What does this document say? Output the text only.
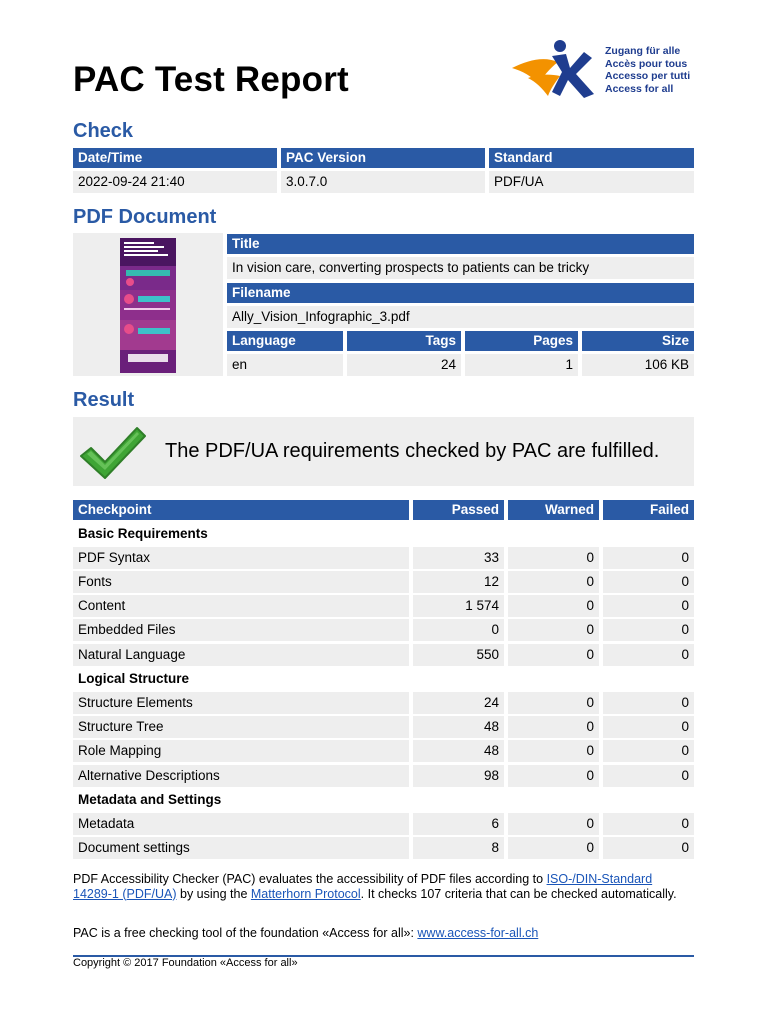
PAC Test Report
Zugang für alle
Accès pour tous
Accesso per tutti
Access for all
Check
Date/Time	PAC Version	Standard
2022-09-24 21:40	3.0.7.0	PDF/UA
PDF Document
Title
In vision care, converting prospects to patients can be tricky
Filename
Ally_Vision_Infographic_3.pdf
Language	Tags	Pages	Size
en	24	1	106 KB
Result
The PDF/UA requirements checked by PAC are fulfilled.
Checkpoint	Passed	Warned	Failed
Basic Requirements
PDF Syntax	33	0	0
Fonts	12	0	0
Content	1 574	0	0
Embedded Files	0	0	0
Natural Language	550	0	0
Logical Structure
Structure Elements	24	0	0
Structure Tree	48	0	0
Role Mapping	48	0	0
Alternative Descriptions	98	0	0
Metadata and Settings
Metadata	6	0	0
Document settings	8	0	0
PDF Accessibility Checker (PAC) evaluates the accessibility of PDF files according to ISO-/DIN-Standard 14289-1 (PDF/UA) by using the Matterhorn Protocol. It checks 107 criteria that can be checked automatically.
PAC is a free checking tool of the foundation «Access for all»: www.access-for-all.ch
Copyright © 2017 Foundation «Access for all»
